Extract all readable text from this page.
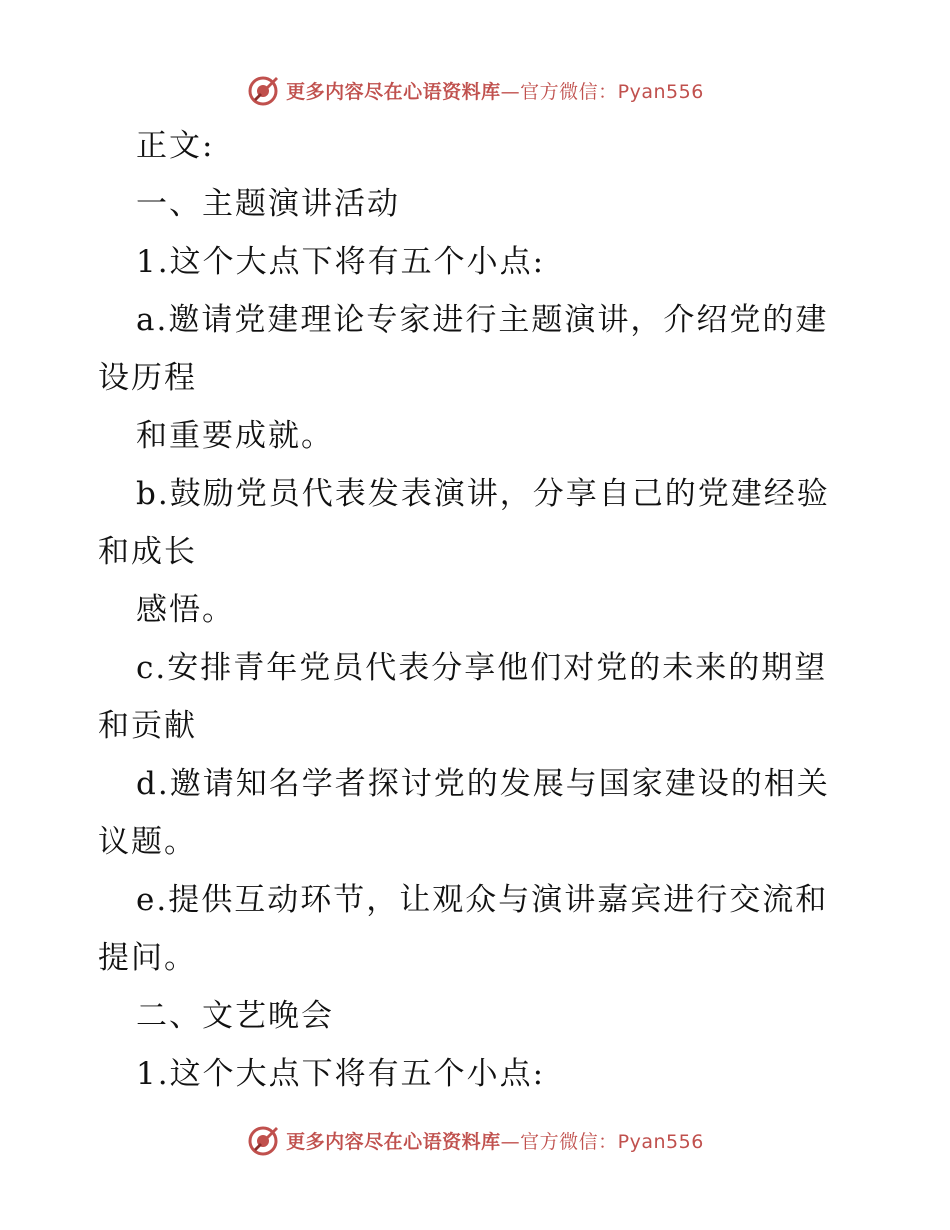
更多内容尽在心语资料库 —官方微信：Pyan556
正文:
一、主题演讲活动
1.这个大点下将有五个小点:
a.邀请党建理论专家进行主题演讲，介绍党的建
设历程
和重要成就。
b.鼓励党员代表发表演讲，分享自己的党建经验
和成长
感悟。
c.安排青年党员代表分享他们对党的未来的期望
和贡献
d.邀请知名学者探讨党的发展与国家建设的相关
议题。
e.提供互动环节，让观众与演讲嘉宾进行交流和
提问。
二、文艺晚会
1.这个大点下将有五个小点:
更多内容尽在心语资料库 —官方微信：Pyan556
